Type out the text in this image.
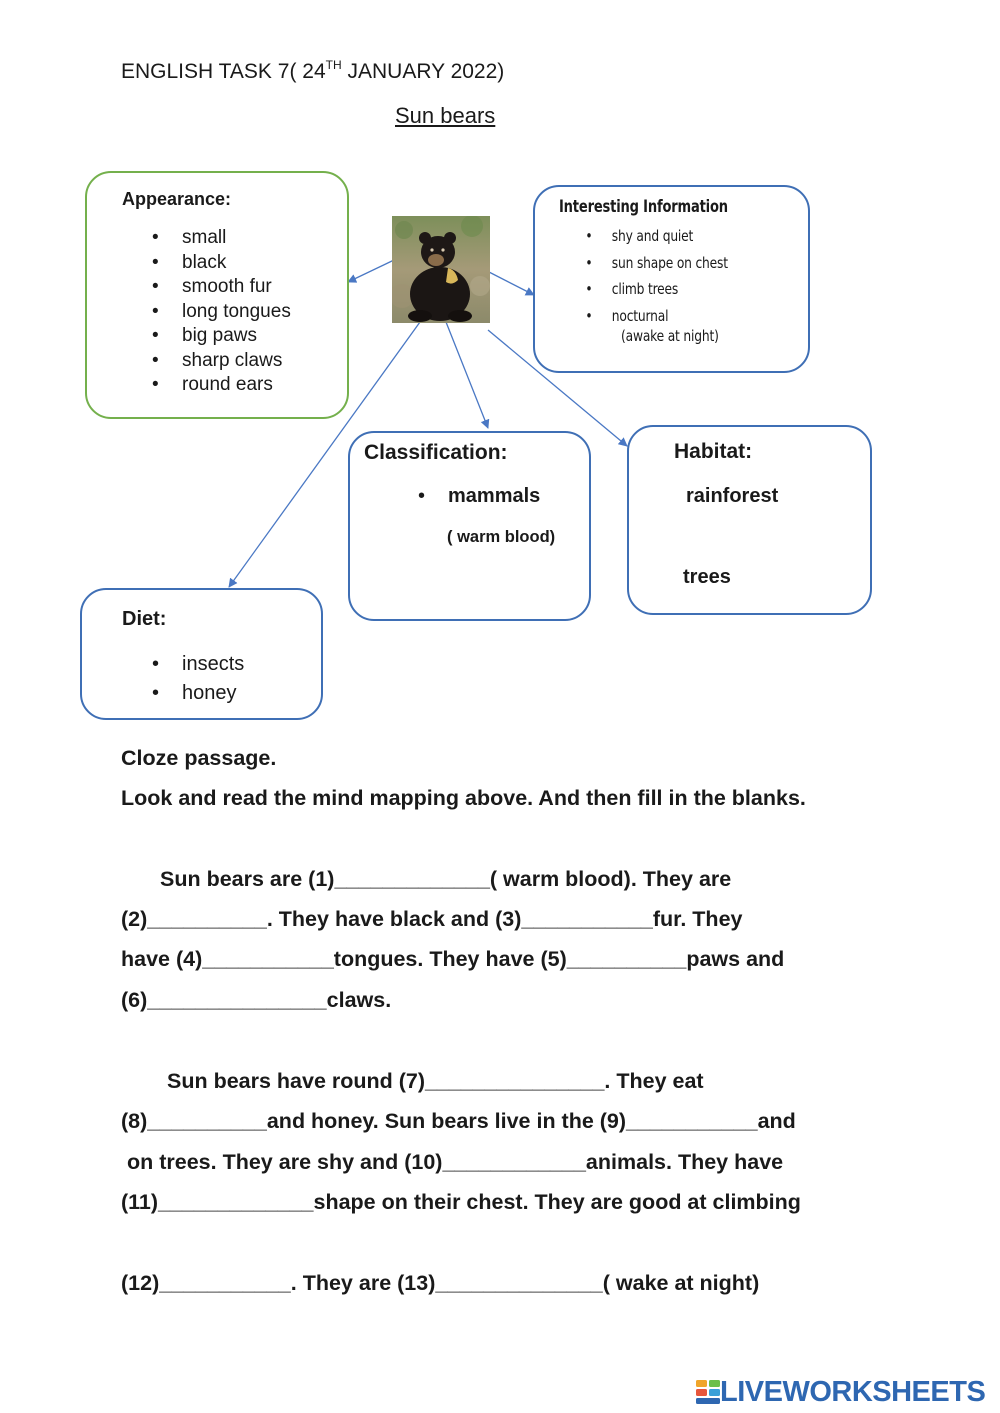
ENGLISH TASK 7( 24TH JANUARY 2022)
Sun bears
Appearance:
• small
• black
• smooth fur
• long tongues
• big paws
• sharp claws
• round ears
Interesting Information
• shy and quiet
• sun shape on chest
• climb trees
• nocturnal
(awake at night)
Classification:
• mammals
( warm blood)
Habitat:
rainforest
trees
Diet:
• insects
• honey
Cloze passage.
Look and read the mind mapping above. And then fill in the blanks.
Sun bears are (1)_____________( warm blood). They are
(2)__________. They have black and (3)___________fur. They
have (4)___________tongues. They have (5)__________paws and
(6)_______________claws.
Sun bears have round (7)_______________. They eat
(8)__________and honey. Sun bears live in the (9)___________and
on trees. They are shy and (10)____________animals. They have
(11)_____________shape on their chest. They are good at climbing
(12)___________. They are (13)______________( wake at night)
LIVEWORKSHEETS
